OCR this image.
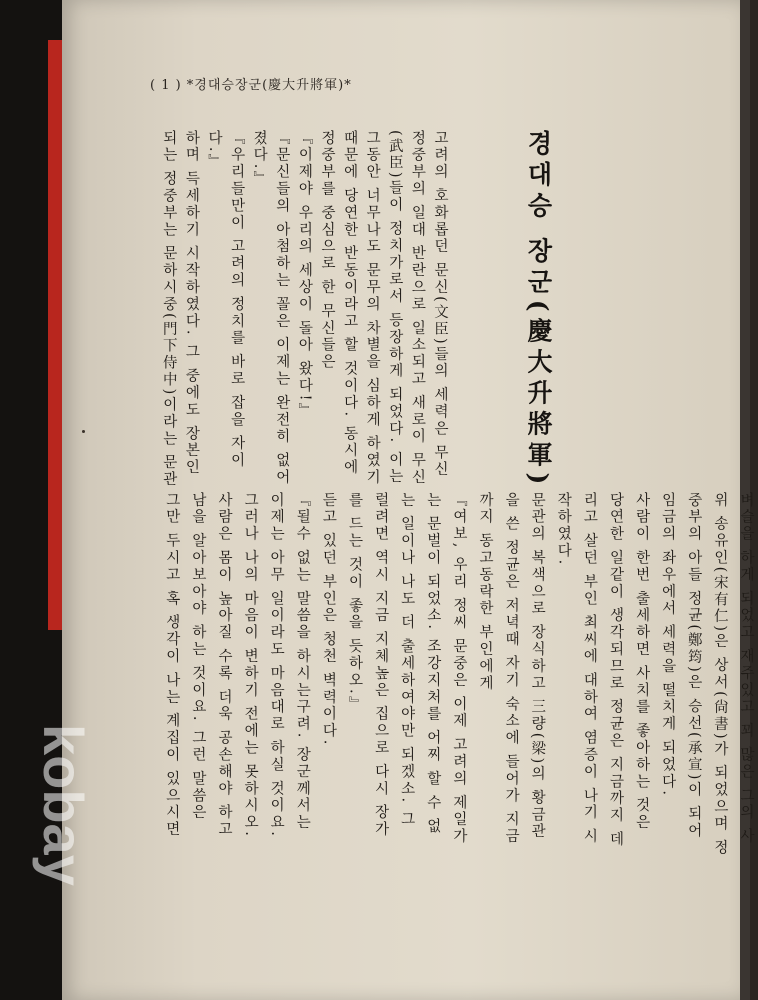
( 1 ) *경대승장군(慶大升將軍)*
경대승 장군(慶大升將軍)
고려의 호화롭던 문신(文臣)들의 세력은 무신
정중부의 일대 반란으로 일소되고 새로이 무신
(武臣)들이 정치가로서 등장하게 되었다. 이는
그동안 너무나도 문무의 차별을 심하게 하였기
때문에 당연한 반동이라고 할 것이다. 동시에
정중부를 중심으로 한 무신들은
『이제야 우리의 세상이 돌아 왔다!』
『문신들의 아첨하는 꼴은 이제는 완전히 없어
졌다.』
『우리들만이 고려의 정치를 바로 잡을 자이
다.』
하며 득세하기 시작하였다. 그 중에도 장본인
되는 정중부는 문하시중(門下侍中)이라는 문관
벼슬을 하게 되었고 재주있고 꾀 많은 그의 사
위 송유인(宋有仁)은 상서(尙書)가 되었으며 정
중부의 아들 정균(鄭筠)은 승선(承宣)이 되어
임금의 좌우에서 세력을 떨치게 되었다.
사람이 한번 출세하면 사치를 좋아하는 것은
당연한 일같이 생각되므로 정균은 지금까지 데
리고 살던 부인 최씨에 대하여 염증이 나기 시
작하였다.
문관의 복색으로 장식하고 三량(梁)의 황금관
을 쓴 정균은 저녁때 자기 숙소에 들어가 지금
까지 동고동락한 부인에게
『여보, 우리 정씨 문중은 이제 고려의 제일가
는 문벌이 되었소. 조강지처를 어찌 할 수 없
는 일이나 나도 더 출세하여야만 되겠소. 그
럴려면 역시 지금 지체높은 집으로 다시 장가
를 드는 것이 좋을 듯하오.』
듣고 있던 부인은 청천 벽력이다.
『될수 없는 말씀을 하시는구려. 장군께서는
이제는 아무 일이라도 마음대로 하실 것이요.
그러나 나의 마음이 변하기 전에는 못하시오.
사람은 몸이 높아질 수록 더욱 공손해야 하고
남을 알아보아야 하는 것이요. 그런 말씀은
그만 두시고 혹 생각이 나는 계집이 있으시면
kobay
